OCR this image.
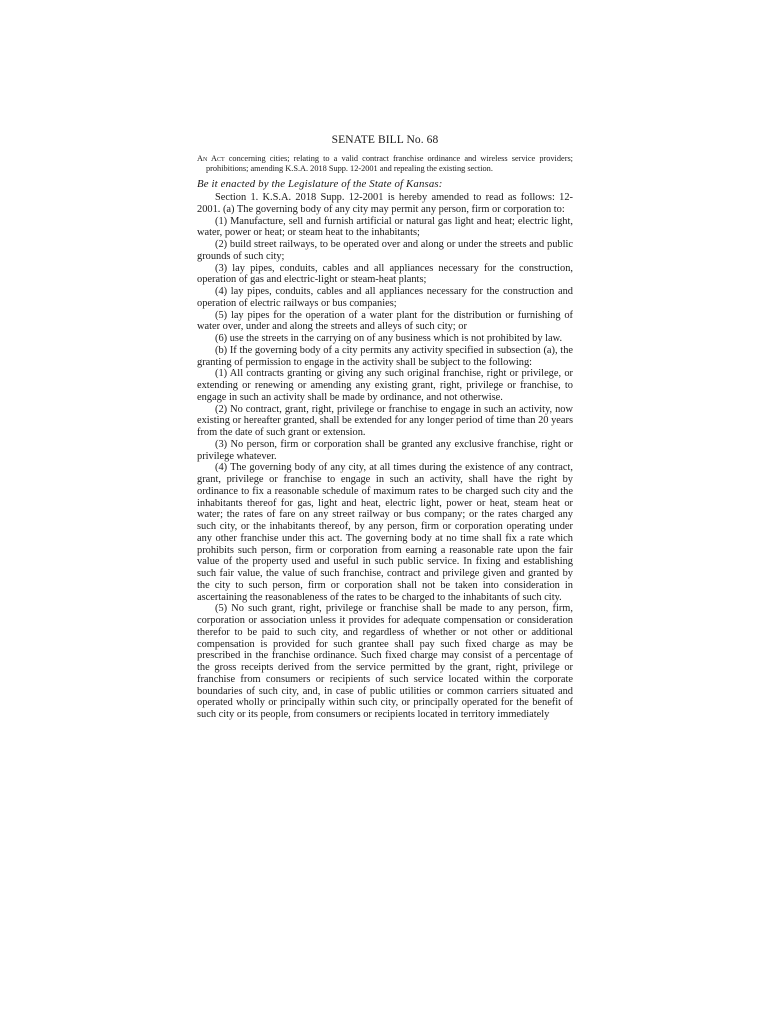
SENATE BILL No. 68
An Act concerning cities; relating to a valid contract franchise ordinance and wireless service providers; prohibitions; amending K.S.A. 2018 Supp. 12-2001 and repealing the existing section.
Be it enacted by the Legislature of the State of Kansas:

Section 1. K.S.A. 2018 Supp. 12-2001 is hereby amended to read as follows: 12-2001. (a) The governing body of any city may permit any person, firm or corporation to:

(1) Manufacture, sell and furnish artificial or natural gas light and heat; electric light, water, power or heat; or steam heat to the inhabitants;

(2) build street railways, to be operated over and along or under the streets and public grounds of such city;

(3) lay pipes, conduits, cables and all appliances necessary for the construction, operation of gas and electric-light or steam-heat plants;

(4) lay pipes, conduits, cables and all appliances necessary for the construction and operation of electric railways or bus companies;

(5) lay pipes for the operation of a water plant for the distribution or furnishing of water over, under and along the streets and alleys of such city; or

(6) use the streets in the carrying on of any business which is not prohibited by law.

(b) If the governing body of a city permits any activity specified in subsection (a), the granting of permission to engage in the activity shall be subject to the following:

(1) All contracts granting or giving any such original franchise, right or privilege, or extending or renewing or amending any existing grant, right, privilege or franchise, to engage in such an activity shall be made by ordinance, and not otherwise.

(2) No contract, grant, right, privilege or franchise to engage in such an activity, now existing or hereafter granted, shall be extended for any longer period of time than 20 years from the date of such grant or extension.

(3) No person, firm or corporation shall be granted any exclusive franchise, right or privilege whatever.

(4) The governing body of any city, at all times during the existence of any contract, grant, privilege or franchise to engage in such an activity, shall have the right by ordinance to fix a reasonable schedule of maximum rates to be charged such city and the inhabitants thereof for gas, light and heat, electric light, power or heat, steam heat or water; the rates of fare on any street railway or bus company; or the rates charged any such city, or the inhabitants thereof, by any person, firm or corporation operating under any other franchise under this act. The governing body at no time shall fix a rate which prohibits such person, firm or corporation from earning a reasonable rate upon the fair value of the property used and useful in such public service. In fixing and establishing such fair value, the value of such franchise, contract and privilege given and granted by the city to such person, firm or corporation shall not be taken into consideration in ascertaining the reasonableness of the rates to be charged to the inhabitants of such city.

(5) No such grant, right, privilege or franchise shall be made to any person, firm, corporation or association unless it provides for adequate compensation or consideration therefor to be paid to such city, and regardless of whether or not other or additional compensation is provided for such grantee shall pay such fixed charge as may be prescribed in the franchise ordinance. Such fixed charge may consist of a percentage of the gross receipts derived from the service permitted by the grant, right, privilege or franchise from consumers or recipients of such service located within the corporate boundaries of such city, and, in case of public utilities or common carriers situated and operated wholly or principally within such city, or principally operated for the benefit of such city or its people, from consumers or recipients located in territory immediately
